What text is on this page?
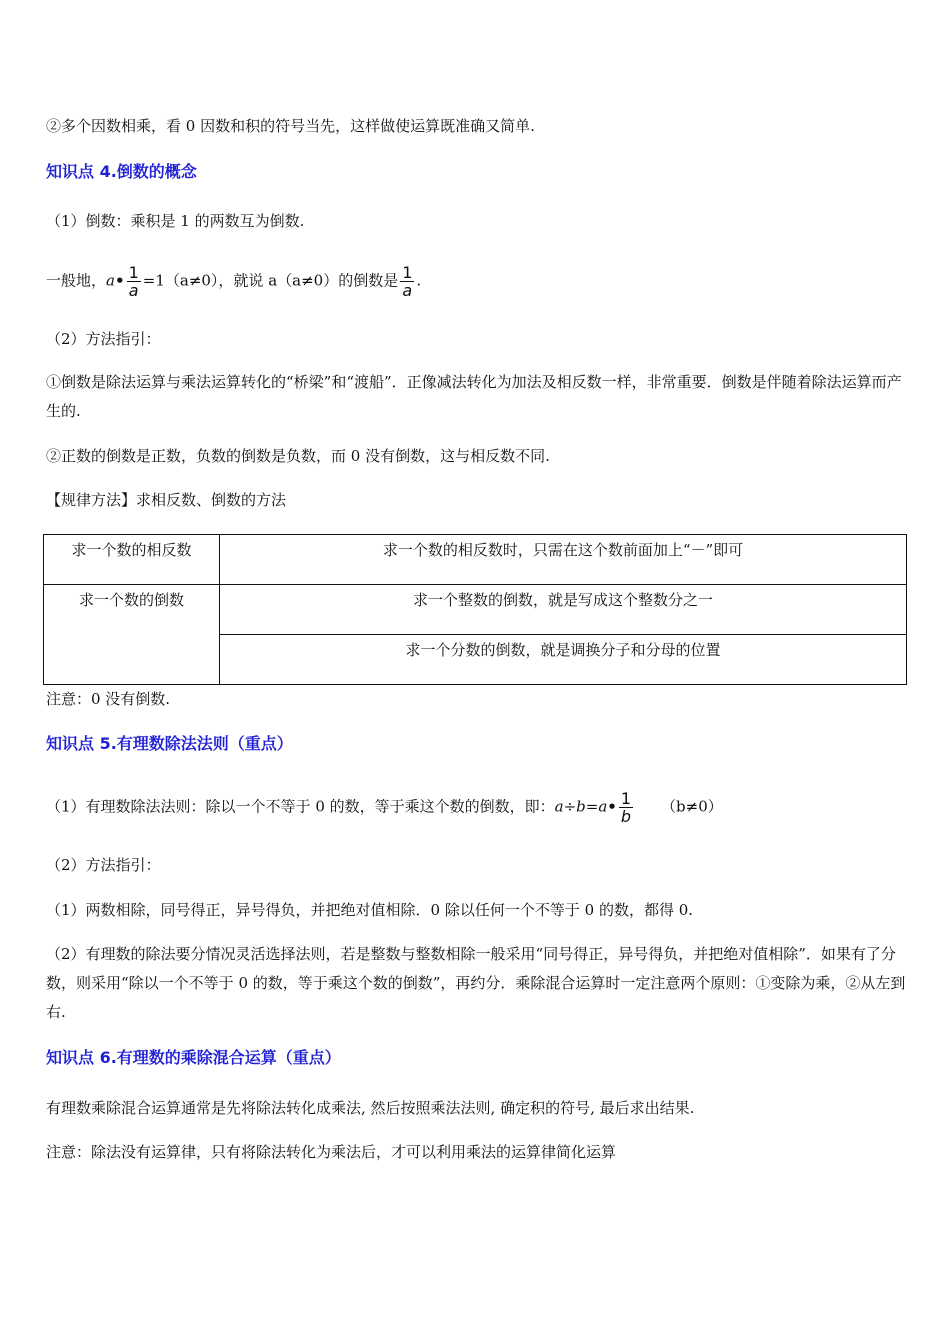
②多个因数相乘，看 0 因数和积的符号当先，这样做使运算既准确又简单.
知识点 4.倒数的概念
（1）倒数：乘积是 1 的两数互为倒数.
一般地，a• $\frac{1}{a} =1(a\ne 0)$，就说 a（a≠0）的倒数是 $\frac{1}{a}$ .
（2）方法指引：
①倒数是除法运算与乘法运算转化的“桥梁”和“渡船”．正像减法转化为加法及相反数一样，非常重要．倒数是伴随着除法运算而产生的.
②正数的倒数是正数，负数的倒数是负数，而 0 没有倒数，这与相反数不同.
【规律方法】求相反数、倒数的方法
求一个数的相反数	求一个数的相反数时，只需在这个数前面加上“－”即可
求一个数的倒数	求一个整数的倒数，就是写成这个整数分之一
	求一个分数的倒数，就是调换分子和分母的位置
注意：0 没有倒数.
知识点 5.有理数除法法则（重点）
（1）有理数除法法则：除以一个不等于 0 的数，等于乘这个数的倒数，即：a÷b=a• $\frac{1}{b} (b\ne 0)$
（2）方法指引：
（1）两数相除，同号得正，异号得负，并把绝对值相除．0 除以任何一个不等于 0 的数，都得 0.
（2）有理数的除法要分情况灵活选择法则，若是整数与整数相除一般采用“同号得正，异号得负，并把绝对值相除”．如果有了分数，则采用“除以一个不等于 0 的数，等于乘这个数的倒数”，再约分．乘除混合运算时一定注意两个原则：①变除为乘，②从左到右.
知识点 6.有理数的乘除混合运算（重点）
有理数乘除混合运算通常是先将除法转化成乘法, 然后按照乘法法则, 确定积的符号, 最后求出结果.
注意：除法没有运算律，只有将除法转化为乘法后，才可以利用乘法的运算律简化运算
